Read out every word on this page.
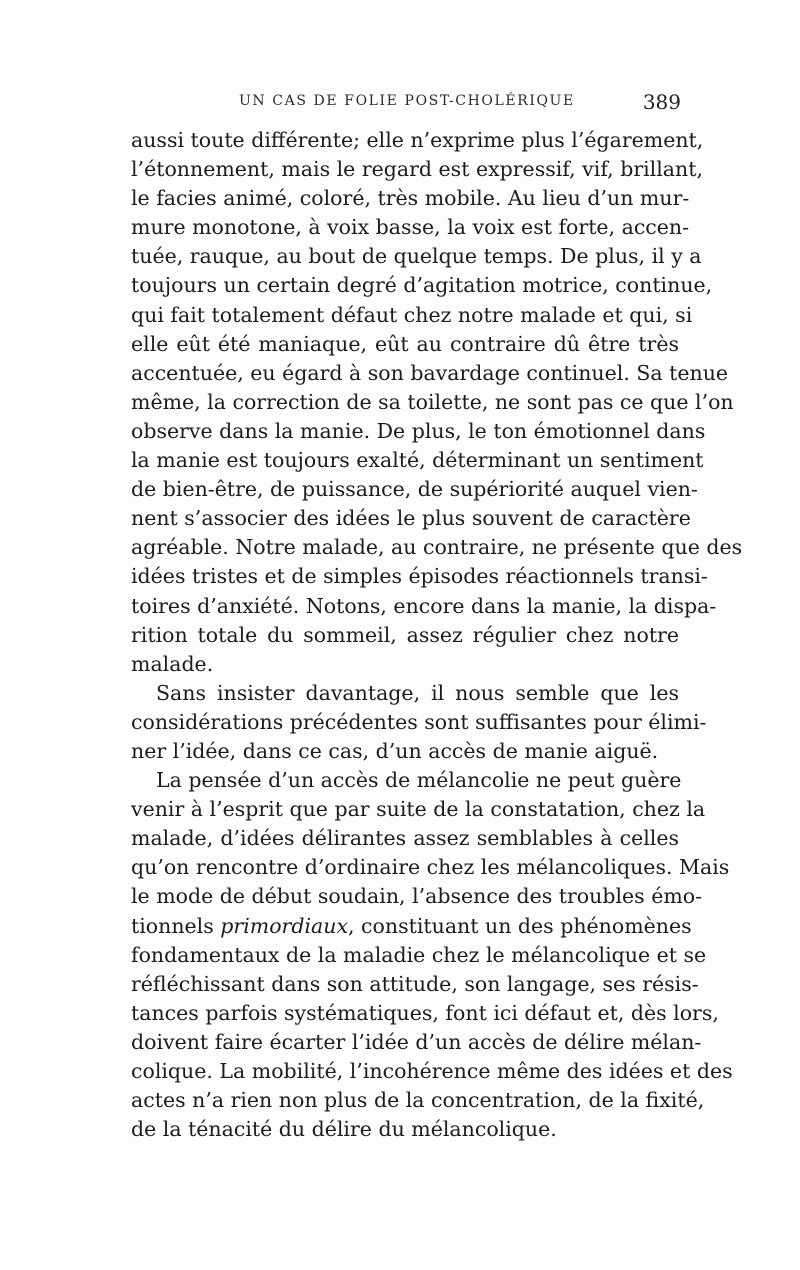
UN CAS DE FOLIE POST-CHOLÉRIQUE	389
aussi toute différente; elle n’exprime plus l’égarement,
l’étonnement, mais le regard est expressif, vif, brillant,
le facies animé, coloré, très mobile. Au lieu d’un mur-
mure monotone, à voix basse, la voix est forte, accen-
tuée, rauque, au bout de quelque temps. De plus, il y a
toujours un certain degré d’agitation motrice, continue,
qui fait totalement défaut chez notre malade et qui, si
elle eût été maniaque, eût au contraire dû être très
accentuée, eu égard à son bavardage continuel. Sa tenue
même, la correction de sa toilette, ne sont pas ce que l’on
observe dans la manie. De plus, le ton émotionnel dans
la manie est toujours exalté, déterminant un sentiment
de bien-être, de puissance, de supériorité auquel vien-
nent s’associer des idées le plus souvent de caractère
agréable. Notre malade, au contraire, ne présente que des
idées tristes et de simples épisodes réactionnels transi-
toires d’anxiété. Notons, encore dans la manie, la dispa-
rition totale du sommeil, assez régulier chez notre
malade.
Sans insister davantage, il nous semble que les
considérations précédentes sont suffisantes pour élimi-
ner l’idée, dans ce cas, d’un accès de manie aiguë.
La pensée d’un accès de mélancolie ne peut guère
venir à l’esprit que par suite de la constatation, chez la
malade, d’idées délirantes assez semblables à celles
qu’on rencontre d’ordinaire chez les mélancoliques. Mais
le mode de début soudain, l’absence des troubles émo-
tionnels primordiaux, constituant un des phénomènes
fondamentaux de la maladie chez le mélancolique et se
réfléchissant dans son attitude, son langage, ses résis-
tances parfois systématiques, font ici défaut et, dès lors,
doivent faire écarter l’idée d’un accès de délire mélan-
colique. La mobilité, l’incohérence même des idées et des
actes n’a rien non plus de la concentration, de la fixité,
de la ténacité du délire du mélancolique.
